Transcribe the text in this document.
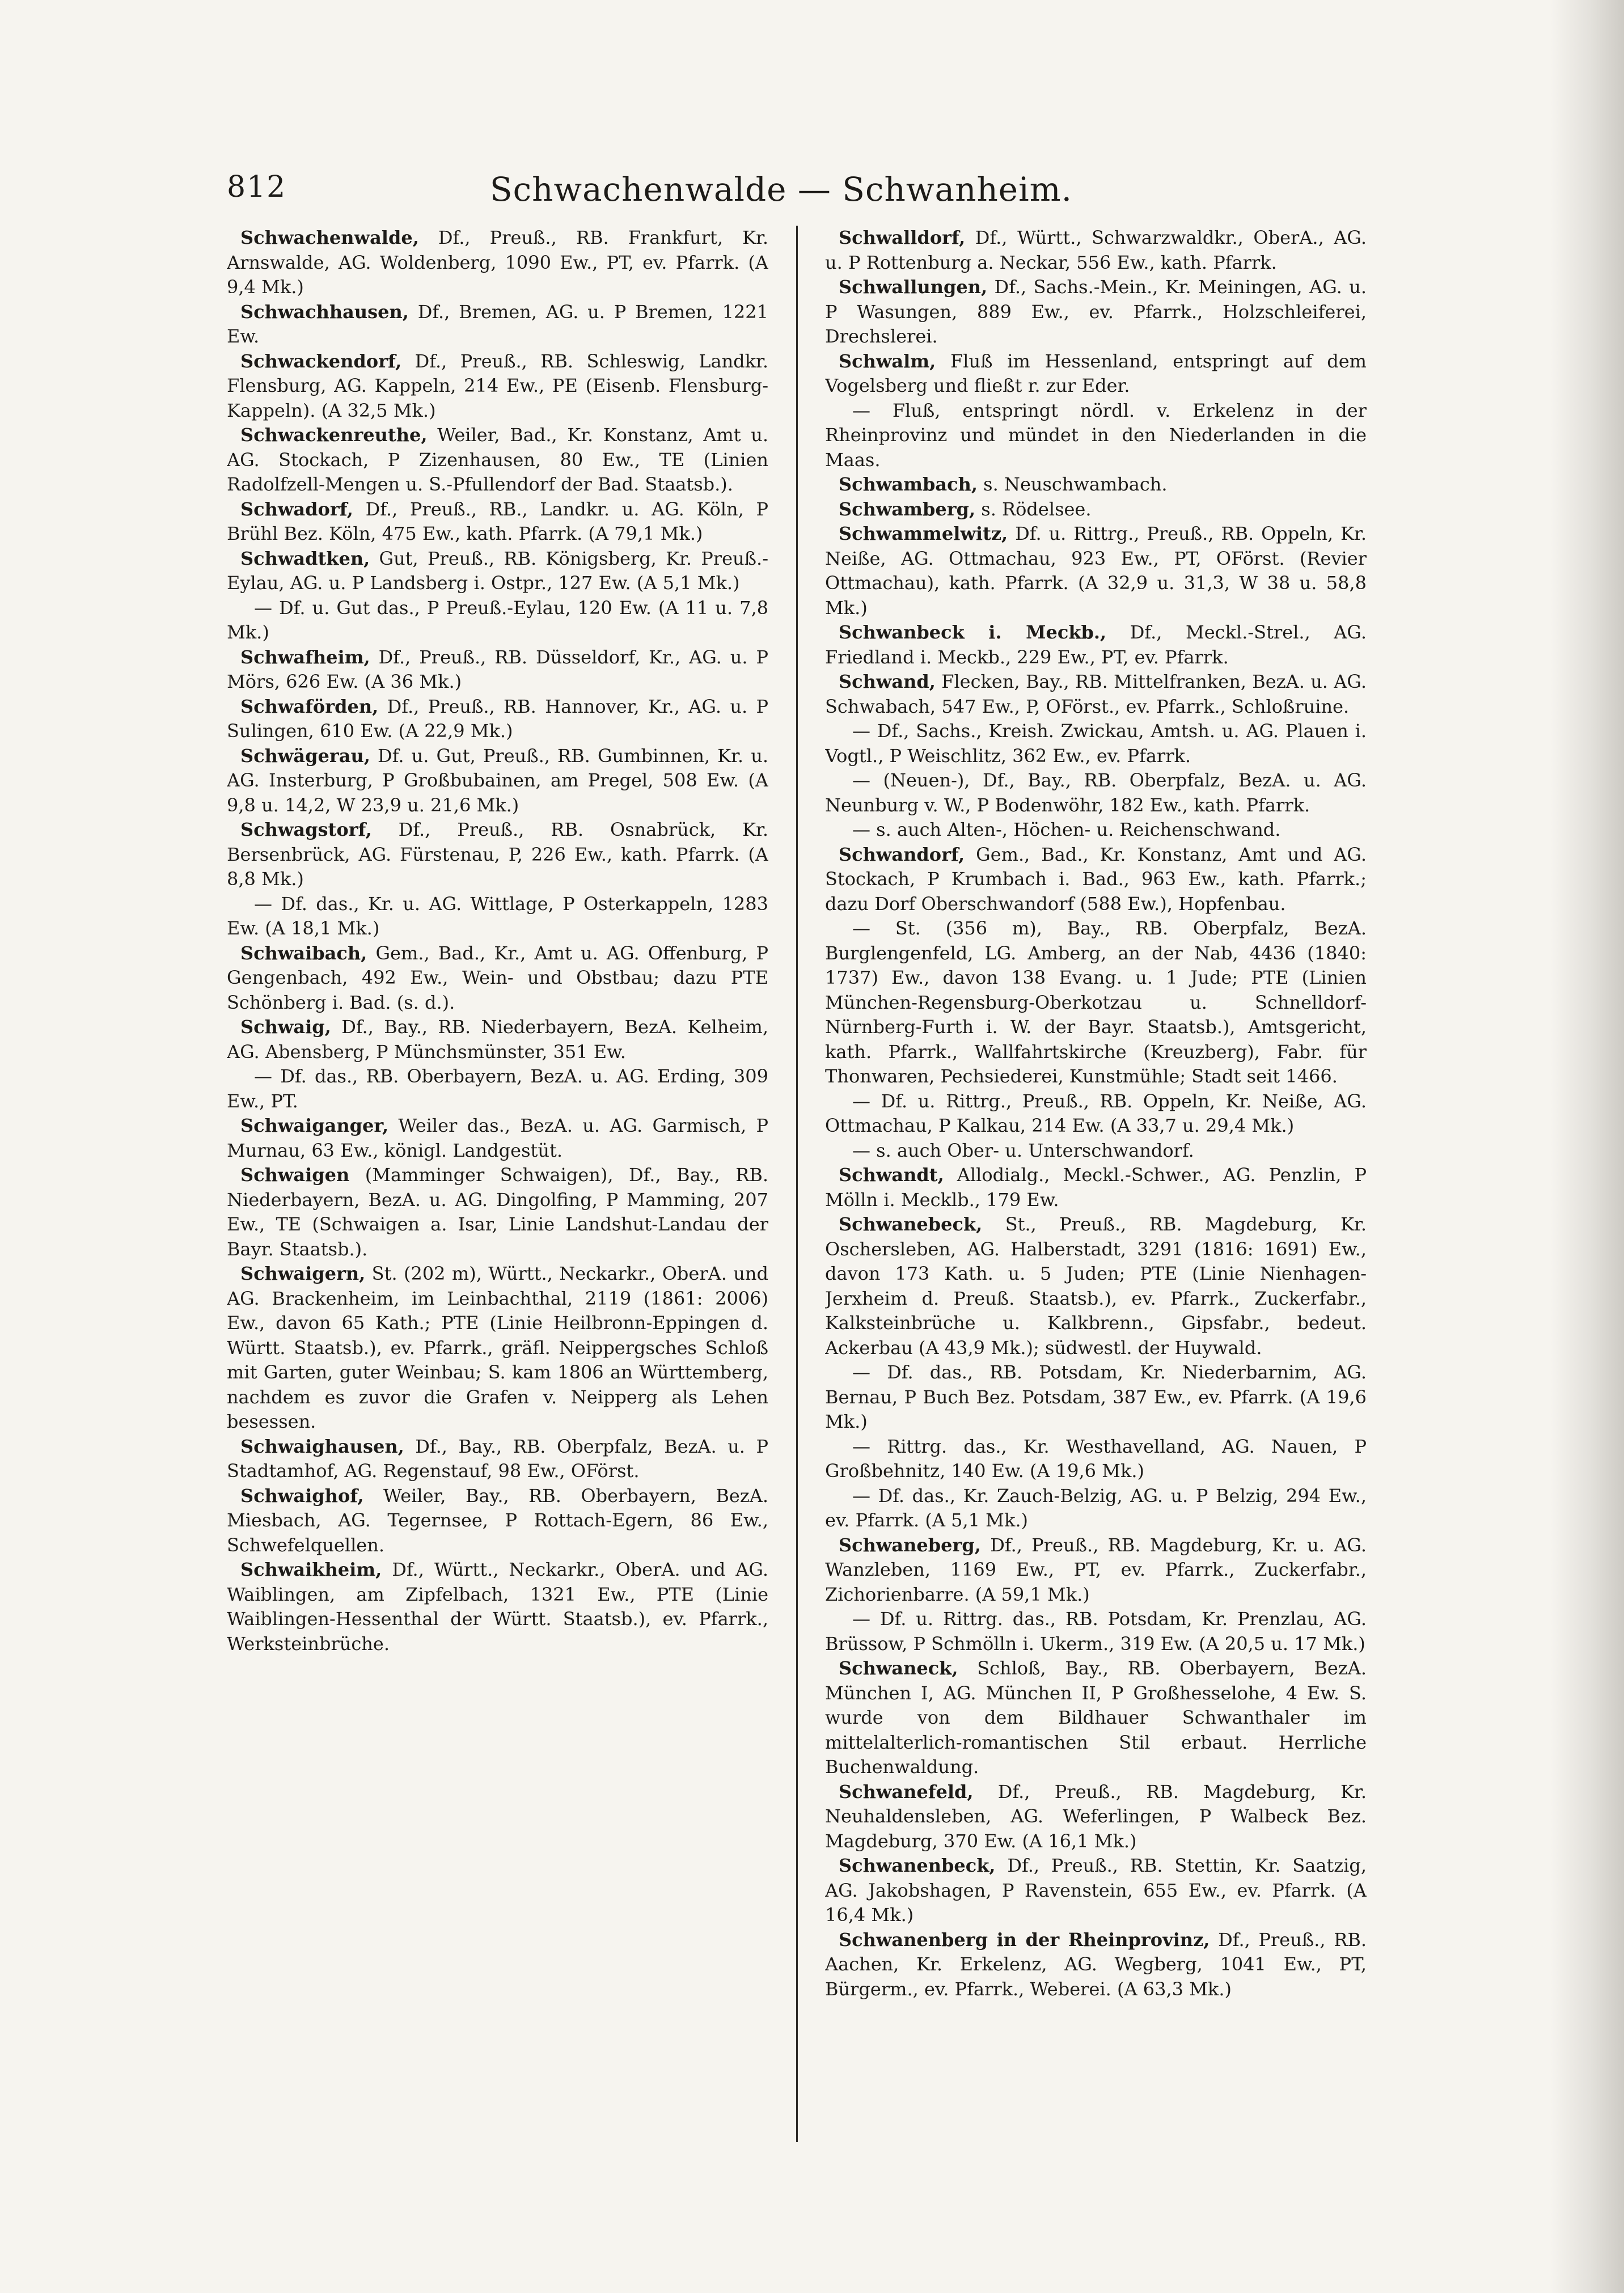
812	Schwachenwalde — Schwanheim.
Schwachenwalde, Df., Preuß., RB. Frankfurt, Kr. Arnswalde, AG. Woldenberg, 1090 Ew., PT, ev. Pfarrk. (A 9,4 Mk.)
Schwachhausen, Df., Bremen, AG. u. P Bremen, 1221 Ew.
Schwackendorf, Df., Preuß., RB. Schleswig, Landkr. Flensburg, AG. Kappeln, 214 Ew., PE (Eisenb. Flensburg-Kappeln). (A 32,5 Mk.)
Schwackenreuthe, Weiler, Bad., Kr. Konstanz, Amt u. AG. Stockach, P Zizenhausen, 80 Ew., TE (Linien Radolfzell-Mengen u. S.-Pfullendorf der Bad. Staatsb.).
Schwadorf, Df., Preuß., RB., Landkr. u. AG. Köln, P Brühl Bez. Köln, 475 Ew., kath. Pfarrk. (A 79,1 Mk.)
Schwadtken, Gut, Preuß., RB. Königsberg, Kr. Preuß.-Eylau, AG. u. P Landsberg i. Ostpr., 127 Ew. (A 5,1 Mk.)
— Df. u. Gut das., P Preuß.-Eylau, 120 Ew. (A 11 u. 7,8 Mk.)
Schwafheim, Df., Preuß., RB. Düsseldorf, Kr., AG. u. P Mörs, 626 Ew. (A 36 Mk.)
Schwaförden, Df., Preuß., RB. Hannover, Kr., AG. u. P Sulingen, 610 Ew. (A 22,9 Mk.)
Schwägerau, Df. u. Gut, Preuß., RB. Gumbinnen, Kr. u. AG. Insterburg, P Großbubainen, am Pregel, 508 Ew. (A 9,8 u. 14,2, W 23,9 u. 21,6 Mk.)
Schwagstorf, Df., Preuß., RB. Osnabrück, Kr. Bersenbrück, AG. Fürstenau, P, 226 Ew., kath. Pfarrk. (A 8,8 Mk.)
— Df. das., Kr. u. AG. Wittlage, P Osterkappeln, 1283 Ew. (A 18,1 Mk.)
Schwaibach, Gem., Bad., Kr., Amt u. AG. Offenburg, P Gengenbach, 492 Ew., Wein- und Obstbau; dazu PTE Schönberg i. Bad. (s. d.).
Schwaig, Df., Bay., RB. Niederbayern, BezA. Kelheim, AG. Abensberg, P Münchsmünster, 351 Ew.
— Df. das., RB. Oberbayern, BezA. u. AG. Erding, 309 Ew., PT.
Schwaiganger, Weiler das., BezA. u. AG. Garmisch, P Murnau, 63 Ew., königl. Landgestüt.
Schwaigen (Mamminger Schwaigen), Df., Bay., RB. Niederbayern, BezA. u. AG. Dingolfing, P Mamming, 207 Ew., TE (Schwaigen a. Isar, Linie Landshut-Landau der Bayr. Staatsb.).
Schwaigern, St. (202 m), Württ., Neckarkr., OberA. und AG. Brackenheim, im Leinbachthal, 2119 (1861: 2006) Ew., davon 65 Kath.; PTE (Linie Heilbronn-Eppingen d. Württ. Staatsb.), ev. Pfarrk., gräfl. Neippergsches Schloß mit Garten, guter Weinbau; S. kam 1806 an Württemberg, nachdem es zuvor die Grafen v. Neipperg als Lehen besessen.
Schwaighausen, Df., Bay., RB. Oberpfalz, BezA. u. P Stadtamhof, AG. Regenstauf, 98 Ew., OFörst.
Schwaighof, Weiler, Bay., RB. Oberbayern, BezA. Miesbach, AG. Tegernsee, P Rottach-Egern, 86 Ew., Schwefelquellen.
Schwaikheim, Df., Württ., Neckarkr., OberA. und AG. Waiblingen, am Zipfelbach, 1321 Ew., PTE (Linie Waiblingen-Hessenthal der Württ. Staatsb.), ev. Pfarrk., Werksteinbrüche.
Schwalldorf, Df., Württ., Schwarzwaldkr., OberA., AG. u. P Rottenburg a. Neckar, 556 Ew., kath. Pfarrk.
Schwallungen, Df., Sachs.-Mein., Kr. Meiningen, AG. u. P Wasungen, 889 Ew., ev. Pfarrk., Holzschleiferei, Drechslerei.
Schwalm, Fluß im Hessenland, entspringt auf dem Vogelsberg und fließt r. zur Eder.
— Fluß, entspringt nördl. v. Erkelenz in der Rheinprovinz und mündet in den Niederlanden in die Maas.
Schwambach, s. Neuschwambach.
Schwamberg, s. Rödelsee.
Schwammelwitz, Df. u. Rittrg., Preuß., RB. Oppeln, Kr. Neiße, AG. Ottmachau, 923 Ew., PT, OFörst. (Revier Ottmachau), kath. Pfarrk. (A 32,9 u. 31,3, W 38 u. 58,8 Mk.)
Schwanbeck i. Meckb., Df., Meckl.-Strel., AG. Friedland i. Meckb., 229 Ew., PT, ev. Pfarrk.
Schwand, Flecken, Bay., RB. Mittelfranken, BezA. u. AG. Schwabach, 547 Ew., P, OFörst., ev. Pfarrk., Schloßruine.
— Df., Sachs., Kreish. Zwickau, Amtsh. u. AG. Plauen i. Vogtl., P Weischlitz, 362 Ew., ev. Pfarrk.
— (Neuen-), Df., Bay., RB. Oberpfalz, BezA. u. AG. Neunburg v. W., P Bodenwöhr, 182 Ew., kath. Pfarrk.
— s. auch Alten-, Höchen- u. Reichenschwand.
Schwandorf, Gem., Bad., Kr. Konstanz, Amt und AG. Stockach, P Krumbach i. Bad., 963 Ew., kath. Pfarrk.; dazu Dorf Oberschwandorf (588 Ew.), Hopfenbau.
— St. (356 m), Bay., RB. Oberpfalz, BezA. Burglengenfeld, LG. Amberg, an der Nab, 4436 (1840: 1737) Ew., davon 138 Evang. u. 1 Jude; PTE (Linien München-Regensburg-Oberkotzau u. Schnelldorf-Nürnberg-Furth i. W. der Bayr. Staatsb.), Amtsgericht, kath. Pfarrk., Wallfahrtskirche (Kreuzberg), Fabr. für Thonwaren, Pechsiederei, Kunstmühle; Stadt seit 1466.
— Df. u. Rittrg., Preuß., RB. Oppeln, Kr. Neiße, AG. Ottmachau, P Kalkau, 214 Ew. (A 33,7 u. 29,4 Mk.)
— s. auch Ober- u. Unterschwandorf.
Schwandt, Allodialg., Meckl.-Schwer., AG. Penzlin, P Mölln i. Mecklb., 179 Ew.
Schwanebeck, St., Preuß., RB. Magdeburg, Kr. Oschersleben, AG. Halberstadt, 3291 (1816: 1691) Ew., davon 173 Kath. u. 5 Juden; PTE (Linie Nienhagen-Jerxheim d. Preuß. Staatsb.), ev. Pfarrk., Zuckerfabr., Kalksteinbrüche u. Kalkbrenn., Gipsfabr., bedeut. Ackerbau (A 43,9 Mk.); südwestl. der Huywald.
— Df. das., RB. Potsdam, Kr. Niederbarnim, AG. Bernau, P Buch Bez. Potsdam, 387 Ew., ev. Pfarrk. (A 19,6 Mk.)
— Rittrg. das., Kr. Westhavelland, AG. Nauen, P Großbehnitz, 140 Ew. (A 19,6 Mk.)
— Df. das., Kr. Zauch-Belzig, AG. u. P Belzig, 294 Ew., ev. Pfarrk. (A 5,1 Mk.)
Schwaneberg, Df., Preuß., RB. Magdeburg, Kr. u. AG. Wanzleben, 1169 Ew., PT, ev. Pfarrk., Zuckerfabr., Zichorienbarre. (A 59,1 Mk.)
— Df. u. Rittrg. das., RB. Potsdam, Kr. Prenzlau, AG. Brüssow, P Schmölln i. Ukerm., 319 Ew. (A 20,5 u. 17 Mk.)
Schwaneck, Schloß, Bay., RB. Oberbayern, BezA. München I, AG. München II, P Großhesselohe, 4 Ew. S. wurde von dem Bildhauer Schwanthaler im mittelalterlich-romantischen Stil erbaut. Herrliche Buchenwaldung.
Schwanefeld, Df., Preuß., RB. Magdeburg, Kr. Neuhaldensleben, AG. Weferlingen, P Walbeck Bez. Magdeburg, 370 Ew. (A 16,1 Mk.)
Schwanenbeck, Df., Preuß., RB. Stettin, Kr. Saatzig, AG. Jakobshagen, P Ravenstein, 655 Ew., ev. Pfarrk. (A 16,4 Mk.)
Schwanenberg in der Rheinprovinz, Df., Preuß., RB. Aachen, Kr. Erkelenz, AG. Wegberg, 1041 Ew., PT, Bürgerm., ev. Pfarrk., Weberei. (A 63,3 Mk.)
